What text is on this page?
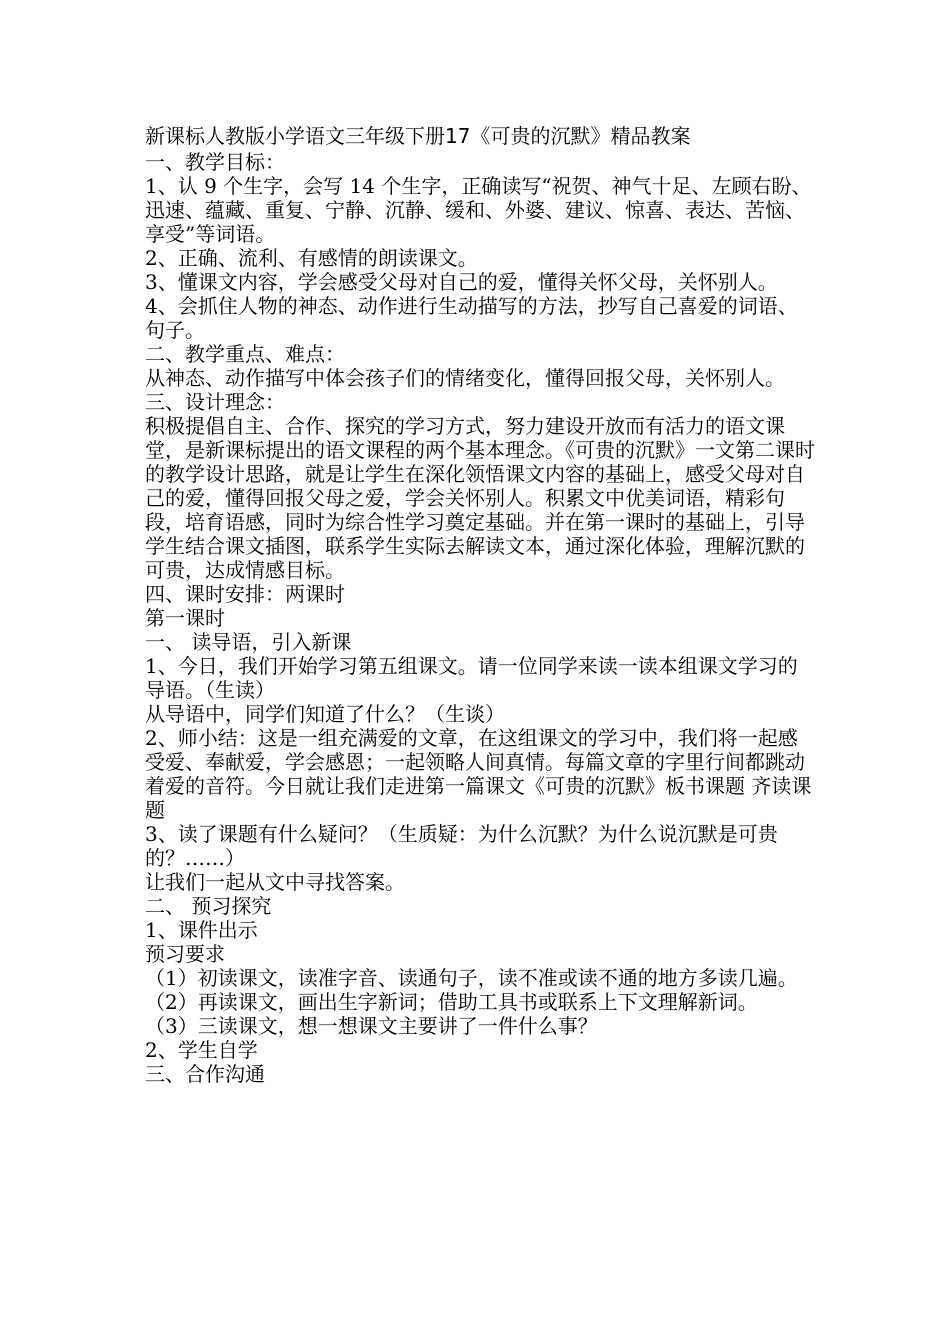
新课标人教版小学语文三年级下册17《可贵的沉默》精品教案
一、教学目标：
1、认 9 个生字，会写 14 个生字，正确读写“祝贺、神气十足、左顾右盼、迅速、蕴藏、重复、宁静、沉静、缓和、外婆、建议、惊喜、表达、苦恼、享受”等词语。
2、正确、流利、有感情的朗读课文。
3、懂课文内容，学会感受父母对自己的爱，懂得关怀父母，关怀别人。
4、会抓住人物的神态、动作进行生动描写的方法，抄写自己喜爱的词语、句子。
二、教学重点、难点：
从神态、动作描写中体会孩子们的情绪变化，懂得回报父母，关怀别人。
三、设计理念：
积极提倡自主、合作、探究的学习方式，努力建设开放而有活力的语文课堂，是新课标提出的语文课程的两个基本理念。《可贵的沉默》一文第二课时的教学设计思路，就是让学生在深化领悟课文内容的基础上，感受父母对自己的爱，懂得回报父母之爱，学会关怀别人。积累文中优美词语，精彩句段，培育语感，同时为综合性学习奠定基础。并在第一课时的基础上，引导学生结合课文插图，联系学生实际去解读文本，通过深化体验，理解沉默的可贵，达成情感目标。
四、课时安排：两课时
第一课时
一、 读导语，引入新课
1、今日，我们开始学习第五组课文。请一位同学来读一读本组课文学习的导语。（生读）
从导语中，同学们知道了什么？（生谈）
2、师小结：这是一组充满爱的文章，在这组课文的学习中，我们将一起感受爱、奉献爱，学会感恩；一起领略人间真情。每篇文章的字里行间都跳动着爱的音符。今日就让我们走进第一篇课文《可贵的沉默》板书课题 齐读课题
3、读了课题有什么疑问？（生质疑：为什么沉默？为什么说沉默是可贵的？……）
让我们一起从文中寻找答案。
二、 预习探究
1、课件出示
预习要求
（1）初读课文，读准字音、读通句子，读不准或读不通的地方多读几遍。
（2）再读课文，画出生字新词；借助工具书或联系上下文理解新词。
（3）三读课文，想一想课文主要讲了一件什么事？
2、学生自学
三、合作沟通
